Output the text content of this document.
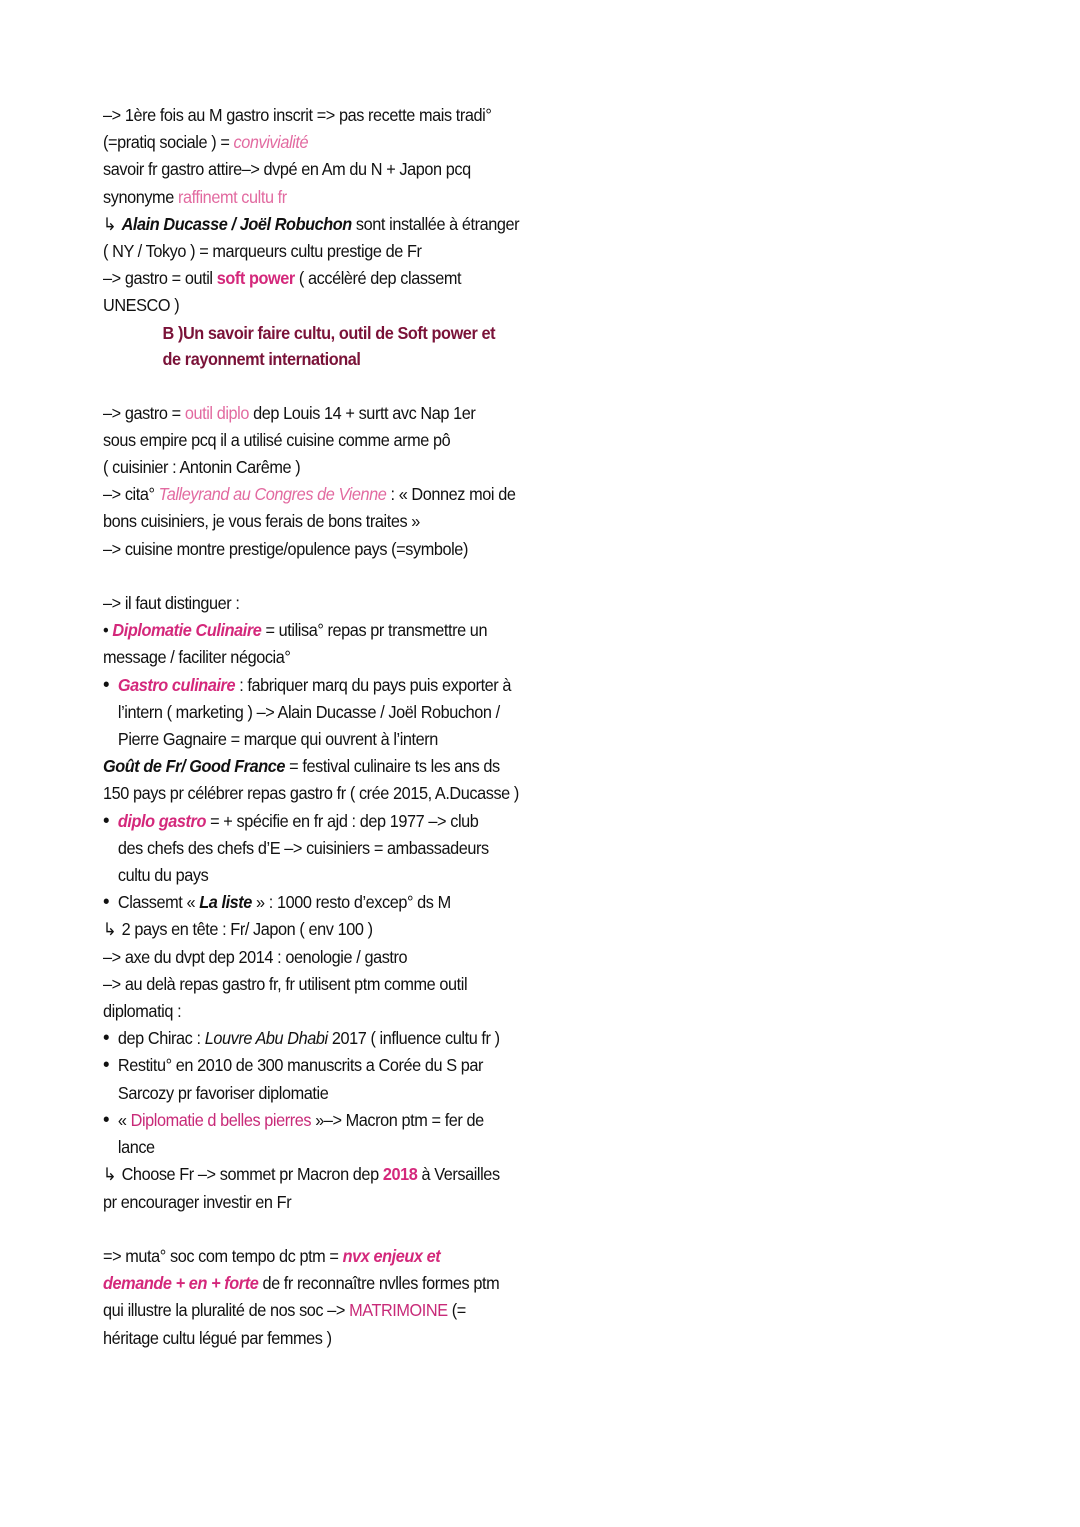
–> 1ère fois au M gastro inscrit => pas recette mais tradi°
(=pratiq sociale ) = convivialité
savoir fr gastro attire–> dvpé en Am du N + Japon pcq
synonyme raffinemt cultu fr
↳ Alain Ducasse / Joël Robuchon sont installée à étranger
( NY / Tokyo ) = marqueurs cultu prestige de Fr
–> gastro = outil soft power ( accélèré dep classemt
UNESCO )
B )Un savoir faire cultu, outil de Soft power et
de rayonnemt international
–> gastro = outil diplo dep Louis 14 + surtt avc Nap 1er
sous empire pcq il a utilisé cuisine comme arme pô
( cuisinier : Antonin Carême )
–> cita° Talleyrand au Congres de Vienne : « Donnez moi de
bons cuisiniers, je vous ferais de bons traites »
–> cuisine montre prestige/opulence pays (=symbole)
–> il faut distinguer :
• Diplomatie Culinaire = utilisa° repas pr transmettre un
message / faciliter négocia°
• Gastro culinaire : fabriquer marq du pays puis exporter à
l’intern ( marketing ) –> Alain Ducasse / Joël Robuchon /
Pierre Gagnaire = marque qui ouvrent à l’intern
Goût de Fr/ Good France = festival culinaire ts les ans ds
150 pays pr célébrer repas gastro fr ( crée 2015, A.Ducasse )
• diplo gastro = + spécifie en fr ajd : dep 1977 –> club
des chefs des chefs d’E –> cuisiniers = ambassadeurs
cultu du pays
• Classemt « La liste » : 1000 resto d’excep° ds M
↳ 2 pays en tête : Fr/ Japon ( env 100 )
–> axe du dvpt dep 2014 : oenologie / gastro
–> au delà repas gastro fr, fr utilisent ptm comme outil
diplomatiq :
• dep Chirac : Louvre Abu Dhabi 2017 ( influence cultu fr )
• Restitu° en 2010 de 300 manuscrits a Corée du S par
Sarcozy pr favoriser diplomatie
• « Diplomatie d belles pierres »–> Macron ptm = fer de
lance
↳ Choose Fr –> sommet pr Macron dep 2018 à Versailles
pr encourager investir en Fr
=> muta° soc com tempo dc ptm = nvx enjeux et
demande + en + forte de fr reconnaître nvlles formes ptm
qui illustre la pluralité de nos soc –> MATRIMOINE (=
héritage cultu légué par femmes )
